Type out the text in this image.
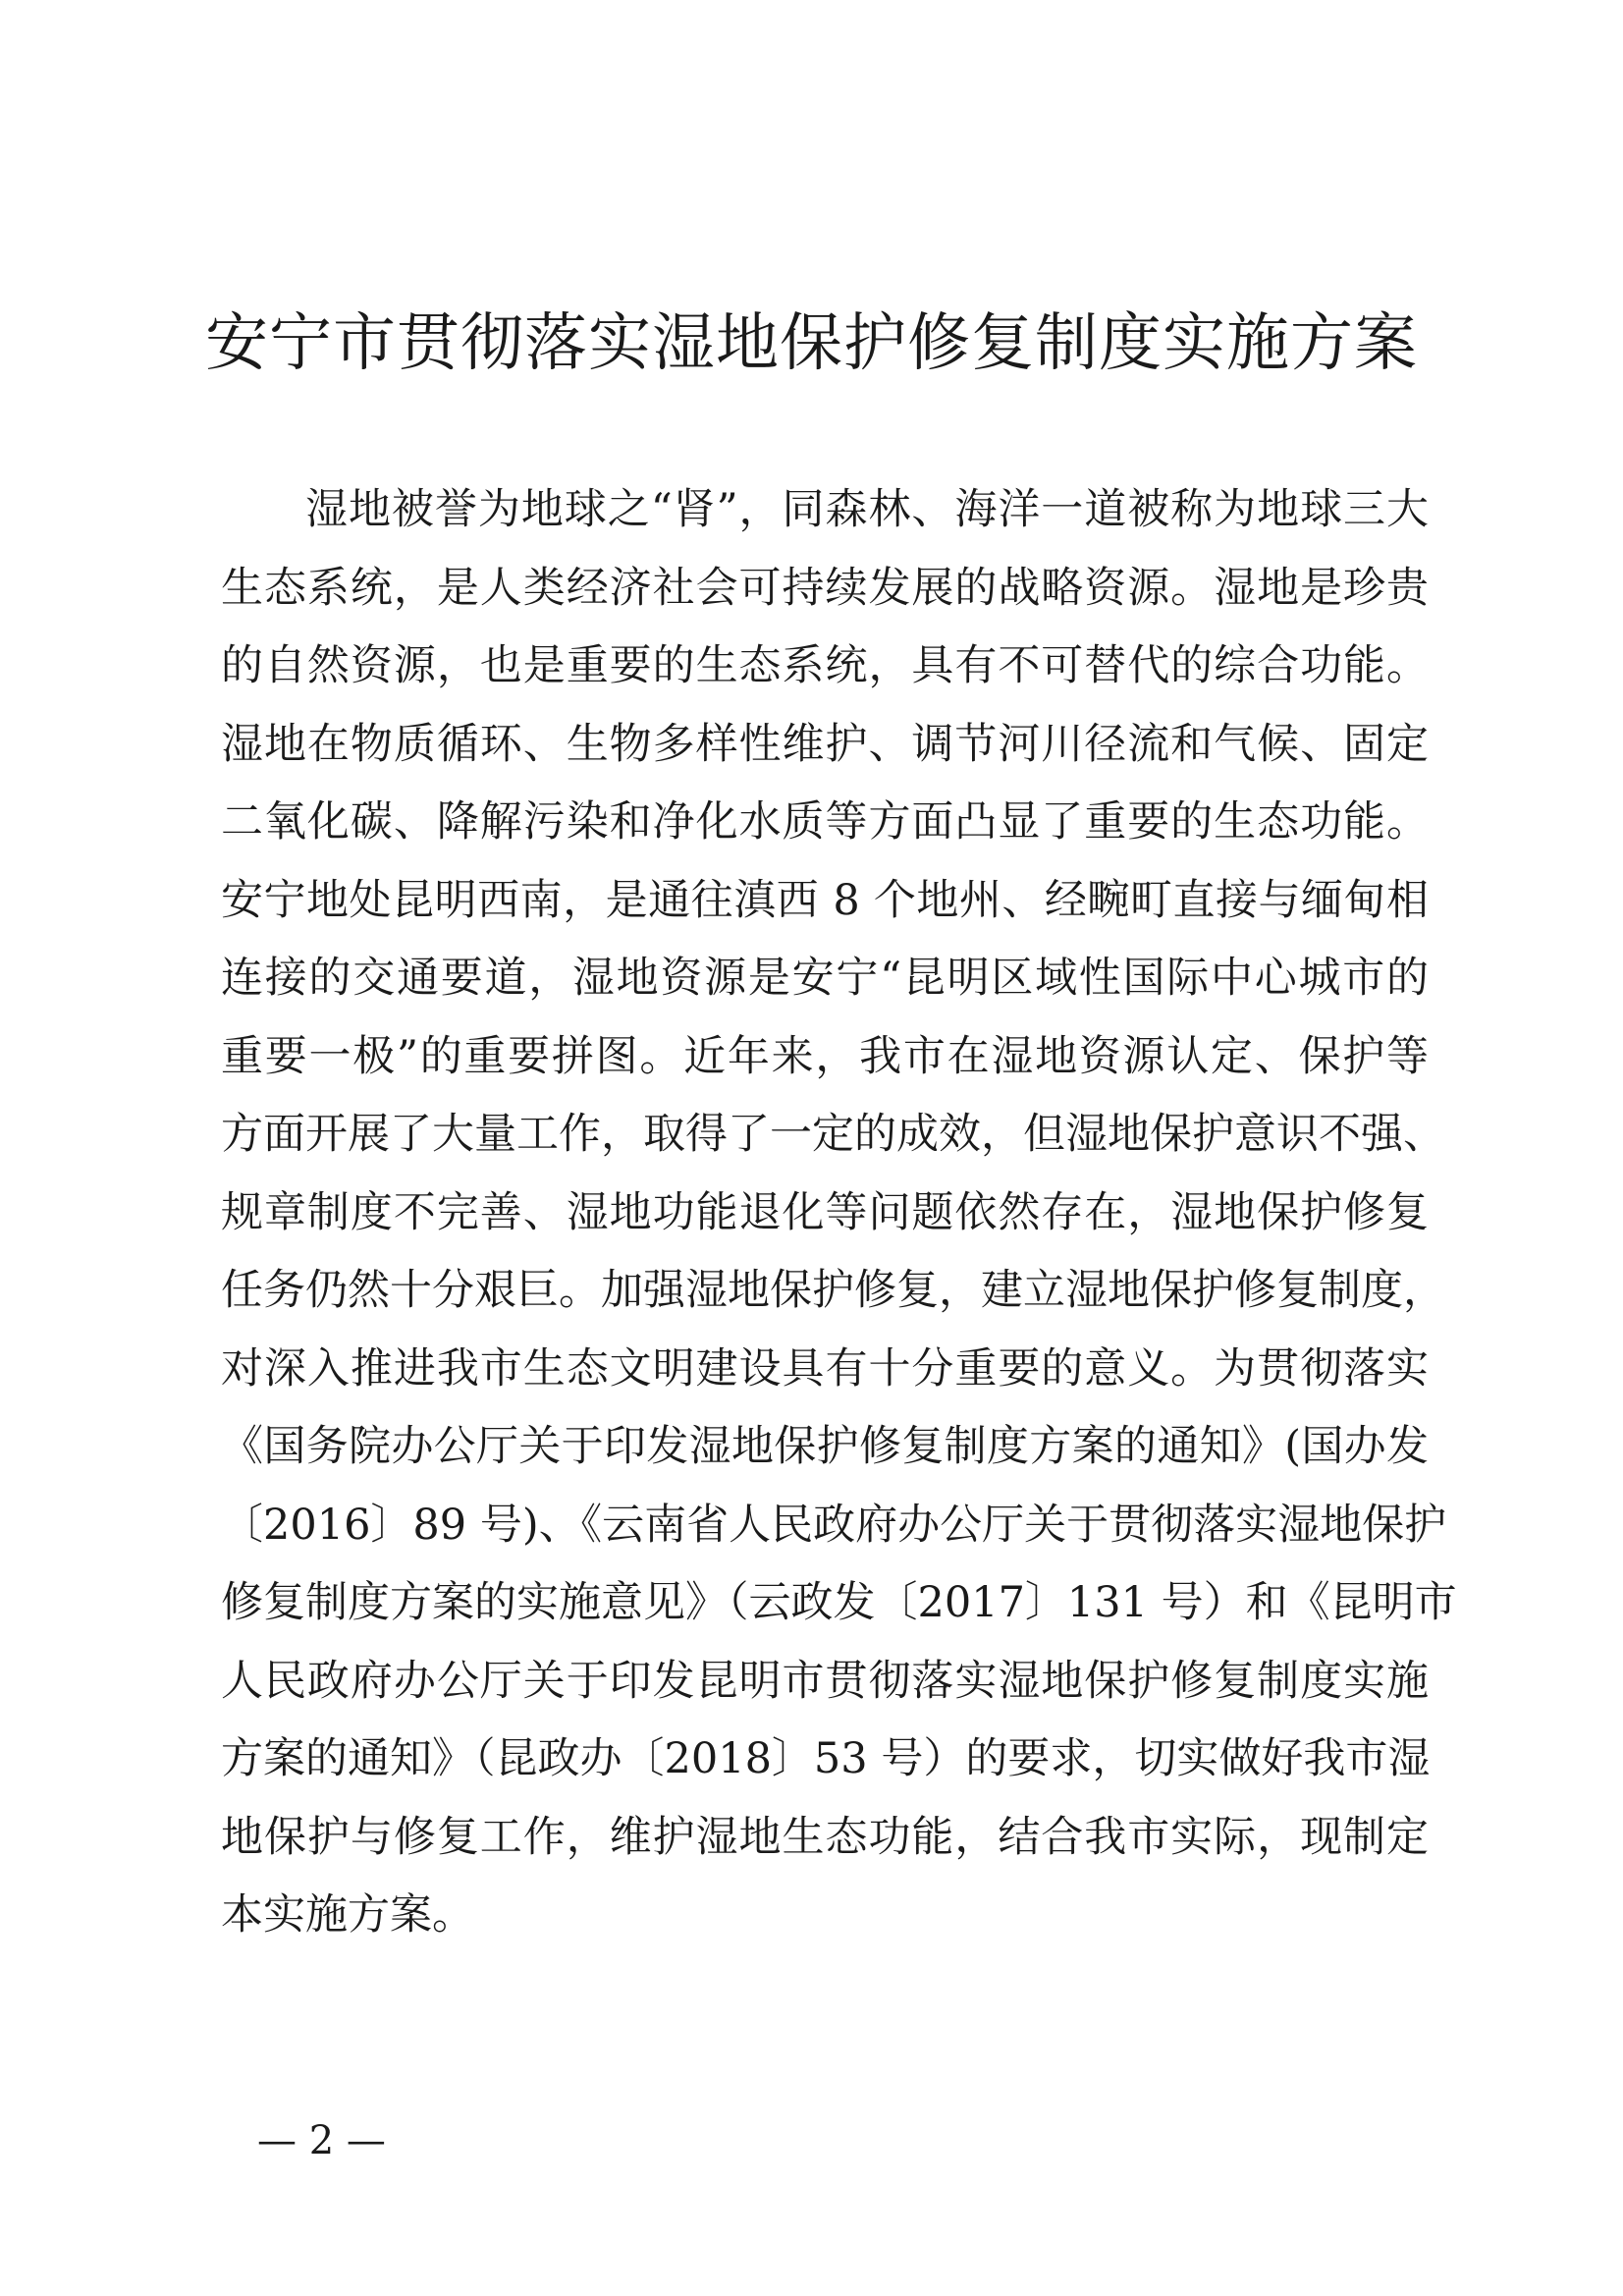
安宁市贯彻落实湿地保护修复制度实施方案
湿地被誉为地球之“肾”，同森林、海洋一道被称为地球三大
生态系统，是人类经济社会可持续发展的战略资源。湿地是珍贵
的自然资源，也是重要的生态系统，具有不可替代的综合功能。
湿地在物质循环、生物多样性维护、调节河川径流和气候、固定
二氧化碳、降解污染和净化水质等方面凸显了重要的生态功能。
安宁地处昆明西南，是通往滇西 8 个地州、经畹町直接与缅甸相
连接的交通要道，湿地资源是安宁“昆明区域性国际中心城市的
重要一极”的重要拼图。近年来，我市在湿地资源认定、保护等
方面开展了大量工作，取得了一定的成效，但湿地保护意识不强、
规章制度不完善、湿地功能退化等问题依然存在，湿地保护修复
任务仍然十分艰巨。加强湿地保护修复，建立湿地保护修复制度，
对深入推进我市生态文明建设具有十分重要的意义。为贯彻落实
《国务院办公厅关于印发湿地保护修复制度方案的通知》(国办发
〔2016〕89 号)、《云南省人民政府办公厅关于贯彻落实湿地保护
修复制度方案的实施意见》（云政发〔2017〕131 号）和《昆明市
人民政府办公厅关于印发昆明市贯彻落实湿地保护修复制度实施
方案的通知》（昆政办〔2018〕53 号）的要求，切实做好我市湿
地保护与修复工作，维护湿地生态功能，结合我市实际，现制定
本实施方案。
— 2 —
